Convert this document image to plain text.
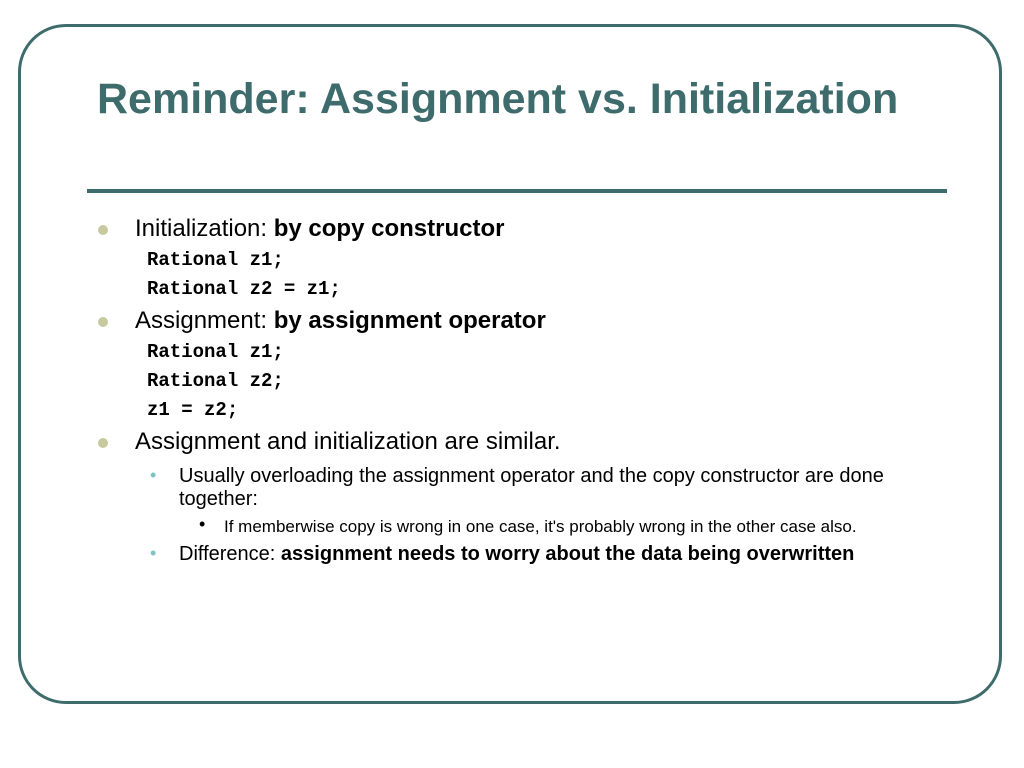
Reminder: Assignment vs. Initialization
Initialization: by copy constructor
Rational z1;
Rational z2 = z1;
Assignment: by assignment operator
Rational z1;
Rational z2;
z1 = z2;
Assignment and initialization are similar.
• Usually overloading the assignment operator and the copy constructor are done together:
• If memberwise copy is wrong in one case, it's probably wrong in the other case also.
• Difference: assignment needs to worry about the data being overwritten
